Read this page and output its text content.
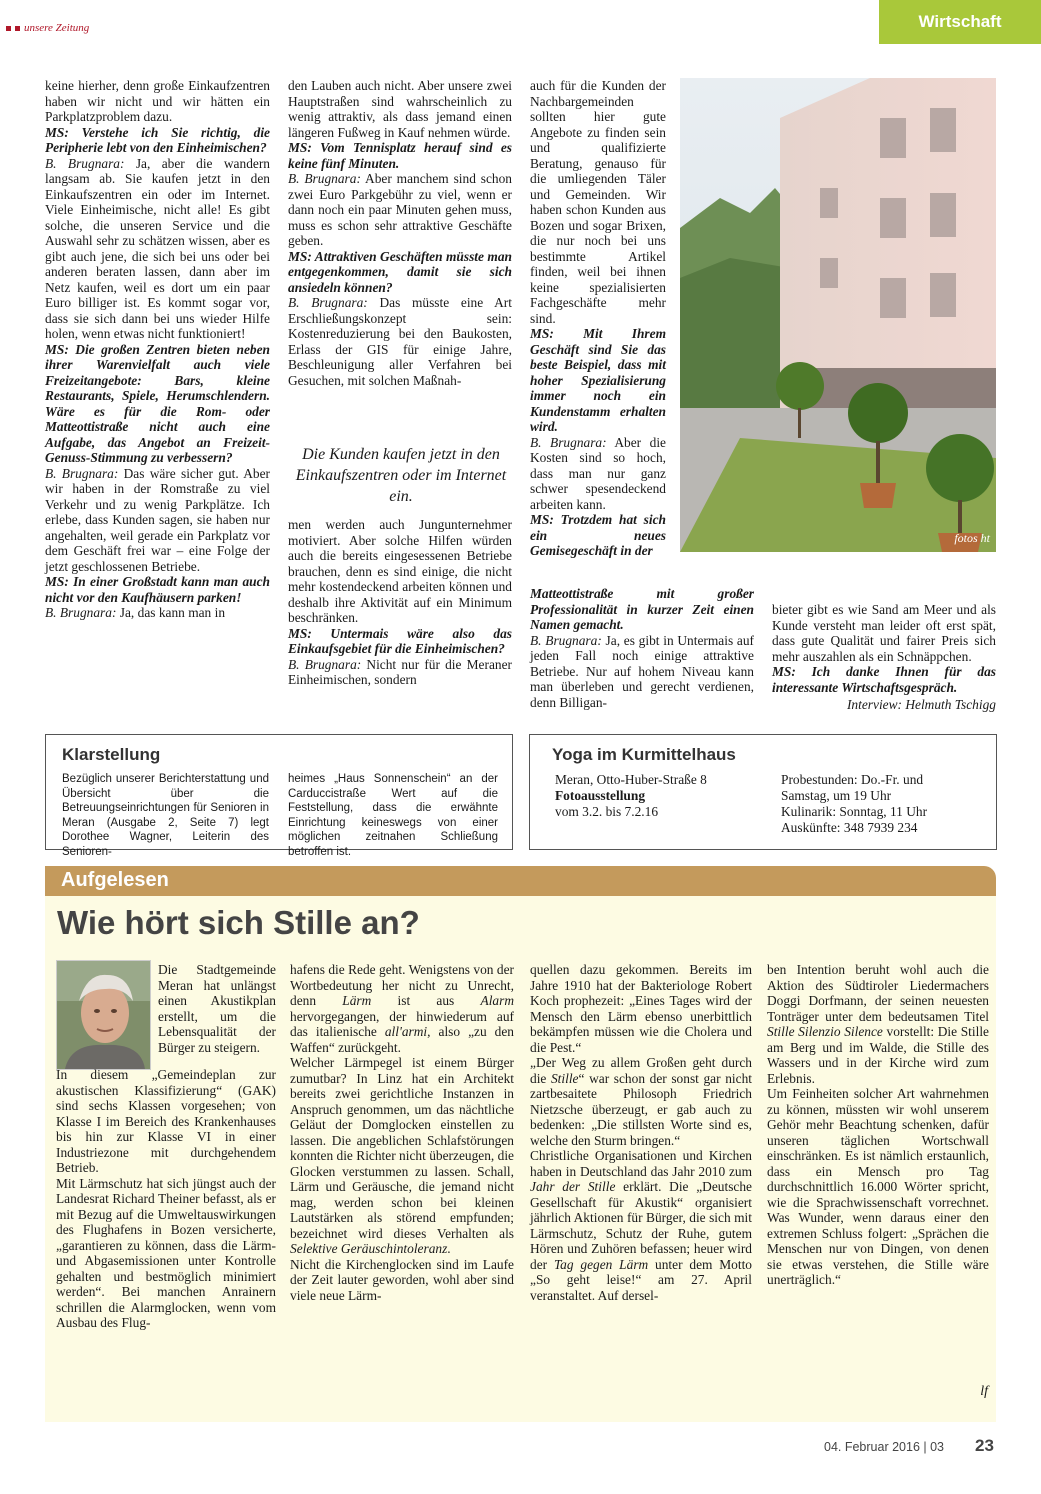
unsere Zeitung	Wirtschaft

keine hierher, denn große Einkaufzentren haben wir nicht und wir hätten ein Parkplatzproblem dazu.

MS: Verstehe ich Sie richtig, die Peripherie lebt von den Einheimischen?

B. Brugnara: Ja, aber die wandern langsam ab. Sie kaufen jetzt in den Einkaufszentren ein oder im Internet. Viele Einheimische, nicht alle! Es gibt solche, die unseren Service und die Auswahl sehr zu schätzen wissen, aber es gibt auch jene, die sich bei uns oder bei anderen beraten lassen, dann aber im Netz kaufen, weil es dort um ein paar Euro billiger ist. Es kommt sogar vor, dass sie sich dann bei uns wieder Hilfe holen, wenn etwas nicht funktioniert!

MS: Die großen Zentren bieten neben ihrer Warenvielfalt auch viele Freizeitangebote: Bars, kleine Restaurants, Spiele, Herumschlendern. Wäre es für die Rom- oder Matteottistraße nicht auch eine Aufgabe, das Angebot an Freizeit-Genuss-Stimmung zu verbessern?

B. Brugnara: Das wäre sicher gut. Aber wir haben in der Romstraße zu viel Verkehr und zu wenig Parkplätze. Ich erlebe, dass Kunden sagen, sie haben nur angehalten, weil gerade ein Parkplatz vor dem Geschäft frei war – eine Folge der jetzt geschlossenen Betriebe.

MS: In einer Großstadt kann man auch nicht vor den Kaufhäusern parken!

B. Brugnara: Ja, das kann man in

den Lauben auch nicht. Aber unsere zwei Hauptstraßen sind wahrscheinlich zu wenig attraktiv, als dass jemand einen längeren Fußweg in Kauf nehmen würde.

MS: Vom Tennisplatz herauf sind es keine fünf Minuten.

B. Brugnara: Aber manchem sind schon zwei Euro Parkgebühr zu viel, wenn er dann noch ein paar Minuten gehen muss, muss es schon sehr attraktive Geschäfte geben.

MS: Attraktiven Geschäften müsste man entgegenkommen, damit sie sich ansiedeln können?

B. Brugnara: Das müsste eine Art Erschließungskonzept sein: Kostenreduzierung bei den Baukosten, Erlass der GIS für einige Jahre, Beschleunigung aller Verfahren bei Gesuchen, mit solchen Maßnah-

Die Kunden kaufen jetzt in den Einkaufszentren oder im Internet ein.

men werden auch Jungunternehmer motiviert. Aber solche Hilfen würden auch die bereits eingesessenen Betriebe brauchen, denn es sind einige, die nicht mehr kostendeckend arbeiten können und deshalb ihre Aktivität auf ein Minimum beschränken.

MS: Untermais wäre also das Einkaufsgebiet für die Einheimischen?

B. Brugnara: Nicht nur für die Meraner Einheimischen, sondern

auch für die Kunden der Nachbargemeinden sollten hier gute Angebote zu finden sein und qualifizierte Beratung, genauso für die umliegenden Täler und Gemeinden. Wir haben schon Kunden aus Bozen und sogar Brixen, die nur noch bei uns bestimmte Artikel finden, weil bei ihnen keine spezialisierten Fachgeschäfte mehr sind.

MS: Mit Ihrem Geschäft sind Sie das beste Beispiel, dass mit hoher Spezialisierung immer noch ein Kundenstamm erhalten wird.

B. Brugnara: Aber die Kosten sind so hoch, dass man nur ganz schwer spesendeckend arbeiten kann.

MS: Trotzdem hat sich ein neues Gemisegeschäft in der

Matteottistraße mit großer Professionalität in kurzer Zeit einen Namen gemacht.

B. Brugnara: Ja, es gibt in Untermais auf jeden Fall noch einige attraktive Betriebe. Nur auf hohem Niveau kann man überleben und gerecht verdienen, denn Billigan-

bieter gibt es wie Sand am Meer und als Kunde versteht man leider oft erst spät, dass gute Qualität und fairer Preis sich mehr auszahlen als ein Schnäppchen.

MS: Ich danke Ihnen für das interessante Wirtschaftsgespräch.

Interview: Helmuth Tschigg
fotos ht
Klarstellung
Bezüglich unserer Berichterstattung und Übersicht über die Betreuungseinrichtungen für Senioren in Meran (Ausgabe 2, Seite 7) legt Dorothee Wagner, Leiterin des Senioren-
heimes „Haus Sonnenschein“ an der Carduccistraße Wert auf die Feststellung, dass die erwähnte Einrichtung keineswegs von einer möglichen zeitnahen Schließung betroffen ist.
Yoga im Kurmittelhaus
Meran, Otto-Huber-Straße 8
Fotoausstellung
vom 3.2. bis 7.2.16
Probestunden: Do.-Fr. und
Samstag, um 19 Uhr
Kulinarik: Sonntag, 11 Uhr
Auskünfte: 348 7939 234
Aufgelesen
Wie hört sich Stille an?

Die Stadtgemeinde Meran hat unlängst einen Akustikplan erstellt, um die Lebensqualität der Bürger zu steigern.

In diesem „Gemeindeplan zur akustischen Klassifizierung“ (GAK) sind sechs Klassen vorgesehen; von Klasse I im Bereich des Krankenhauses bis hin zur Klasse VI in einer Industriezone mit durchgehendem Betrieb.

Mit Lärmschutz hat sich jüngst auch der Landesrat Richard Theiner befasst, als er mit Bezug auf die Umweltauswirkungen des Flughafens in Bozen versicherte, „garantieren zu können, dass die Lärm- und Abgasemissionen unter Kontrolle gehalten und bestmöglich minimiert werden“. Bei manchen Anrainern schrillen die Alarmglocken, wenn vom Ausbau des Flug-

hafens die Rede geht. Wenigstens von der Wortbedeutung her nicht zu Unrecht, denn Lärm ist aus Alarm hervorgegangen, der hinwiederum auf das italienische all'armi, also „zu den Waffen“ zurückgeht.

Welcher Lärmpegel ist einem Bürger zumutbar? In Linz hat ein Architekt bereits zwei gerichtliche Instanzen in Anspruch genommen, um das nächtliche Geläut der Domglocken einstellen zu lassen. Die angeblichen Schlafstörungen konnten die Richter nicht überzeugen, die Glocken verstummen zu lassen. Schall, Lärm und Geräusche, die jemand nicht mag, werden schon bei kleinen Lautstärken als störend empfunden; bezeichnet wird dieses Verhalten als Selektive Geräuschintoleranz.

Nicht die Kirchenglocken sind im Laufe der Zeit lauter geworden, wohl aber sind viele neue Lärm-

quellen dazu gekommen. Bereits im Jahre 1910 hat der Bakteriologe Robert Koch prophezeit: „Eines Tages wird der Mensch den Lärm ebenso unerbittlich bekämpfen müssen wie die Cholera und die Pest.“

„Der Weg zu allem Großen geht durch die Stille“ war schon der sonst gar nicht zartbesaitete Philosoph Friedrich Nietzsche überzeugt, er gab auch zu bedenken: „Die stillsten Worte sind es, welche den Sturm bringen.“

Christliche Organisationen und Kirchen haben in Deutschland das Jahr 2010 zum Jahr der Stille erklärt. Die „Deutsche Gesellschaft für Akustik“ organisiert jährlich Aktionen für Bürger, die sich mit Lärmschutz, Schutz der Ruhe, gutem Hören und Zuhören befassen; heuer wird der Tag gegen Lärm unter dem Motto „So geht leise!“ am 27. April veranstaltet. Auf dersel-

ben Intention beruht wohl auch die Aktion des Südtiroler Liedermachers Doggi Dorfmann, der seinen neuesten Tonträger unter dem bedeutsamen Titel Stille Silenzio Silence vorstellt: Die Stille am Berg und im Walde, die Stille des Wassers und in der Kirche wird zum Erlebnis.

Um Feinheiten solcher Art wahrnehmen zu können, müssten wir wohl unserem Gehör mehr Beachtung schenken, dafür unseren täglichen Wortschwall einschränken. Es ist nämlich erstaunlich, dass ein Mensch pro Tag durchschnittlich 16.000 Wörter spricht, wie die Sprachwissenschaft vorrechnet. Was Wunder, wenn daraus einer den extremen Schluss folgert: „Sprächen die Menschen nur von Dingen, von denen sie etwas verstehen, die Stille wäre unerträglich.“

lf
04. Februar 2016 | 03 23
